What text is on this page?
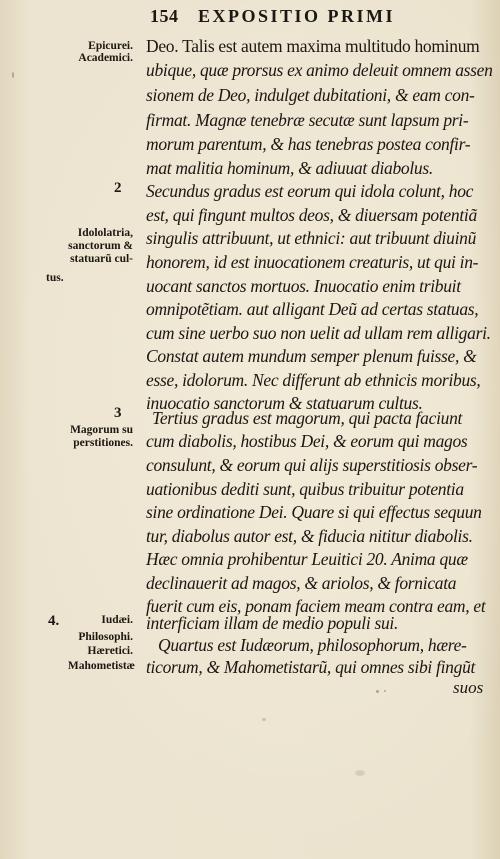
154 EXPOSITIO PRIMI
Epicurei.
Academici.
2
Idololatria,
sanctorum &
statuarũ cul-
tus.
3
Magorum su
perstitiones.
4.	Iudæi.
Philosophi.
Hæretici.
Mahometistæ
Deo. Talis est autem maxima multitudo hominum
ubique, quæ prorsus ex animo deleuit omnem assen
sionem de Deo, indulget dubitationi, & eam con-
firmat. Magnæ tenebræ secutæ sunt lapsum pri-
morum parentum, & has tenebras postea confir-
mat malitia hominum, & adiuuat diabolus.
Secundus gradus est eorum qui idola colunt, hoc
est, qui fingunt multos deos, & diuersam potentiã
singulis attribuunt, ut ethnici: aut tribuunt diuinũ
honorem, id est inuocationem creaturis, ut qui in-
uocant sanctos mortuos. Inuocatio enim tribuit
omnipotẽtiam. aut alligant Deũ ad certas statuas,
cum sine uerbo suo non uelit ad ullam rem alligari.
Constat autem mundum semper plenum fuisse, &
esse, idolorum. Nec differunt ab ethnicis moribus,
inuocatio sanctorum & statuarum cultus.
Tertius gradus est magorum, qui pacta faciunt
cum diabolis, hostibus Dei, & eorum qui magos
consulunt, & eorum qui alijs superstitiosis obser-
uationibus dediti sunt, quibus tribuitur potentia
sine ordinatione Dei. Quare si qui effectus sequun
tur, diabolus autor est, & fiducia nititur diabolis.
Hæc omnia prohibentur Leuitici 20. Anima quæ
declinauerit ad magos, & ariolos, & fornicata
fuerit cum eis, ponam faciem meam contra eam, et
interficiam illam de medio populi sui.
Quartus est Iudæorum, philosophorum, hære-
ticorum, & Mahometistarũ, qui omnes sibi fingũt
suos
